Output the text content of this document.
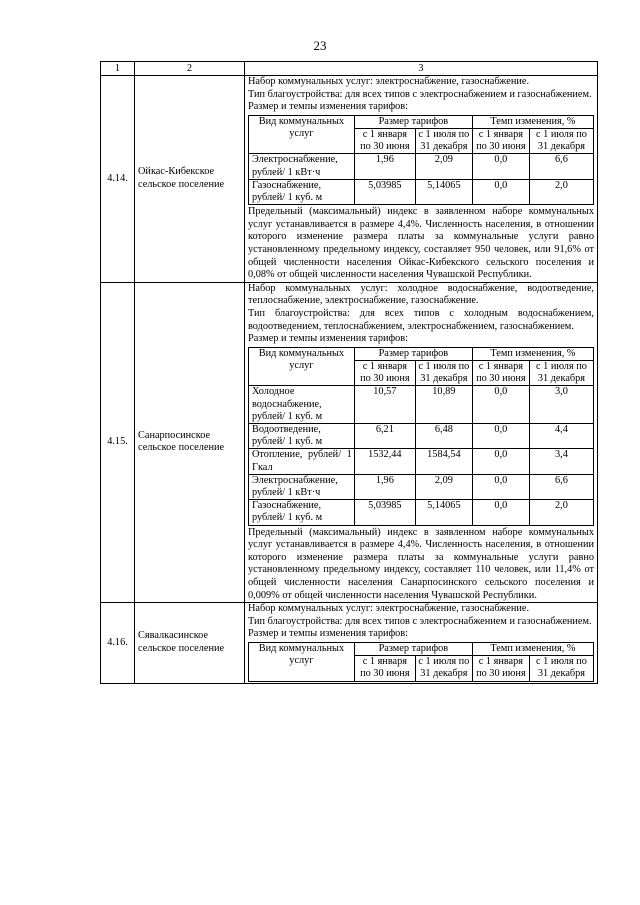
23
1	2	3
4.14.	Ойкас-Кибекское сельское поселение	

Набор коммунальных услуг: электроснабжение, газоснабжение.

Тип благоустройства: для всех типов с электроснабжением и газоснабжением.

Размер и темпы изменения тарифов:

Вид коммунальных услуг	Размер тарифов	Темп изменения, %
с 1 января по 30 июня	с 1 июля по 31 декабря	с 1 января по 30 июня	с 1 июля по 31 декабря
Электроснабжение, рублей/ 1 кВт·ч	1,96	2,09	0,0	6,6
Газоснабжение, рублей/ 1 куб. м	5,03985	5,14065	0,0	2,0

Предельный (максимальный) индекс в заявленном наборе коммунальных услуг устанавливается в размере 4,4%. Численность населения, в отношении которого изменение размера платы за коммунальные услуги равно установленному предельному индексу, составляет 950 человек, или 91,6% от общей численности населения Ойкас-Кибекского сельского поселения и 0,08% от общей численности населения Чувашской Республики.

4.15.	Санарпосинское сельское поселение	

Набор коммунальных услуг: холодное водоснабжение, водоотведение, теплоснабжение, электроснабжение, газоснабжение.

Тип благоустройства: для всех типов с холодным водоснабжением, водоотведением, теплоснабжением, электроснабжением, газоснабжением.

Размер и темпы изменения тарифов:

Вид коммунальных услуг	Размер тарифов	Темп изменения, %
с 1 января по 30 июня	с 1 июля по 31 декабря	с 1 января по 30 июня	с 1 июля по 31 декабря
Холодное водоснабжение, рублей/ 1 куб. м	10,57	10,89	0,0	3,0
Водоотведение, рублей/ 1 куб. м	6,21	6,48	0,0	4,4
Отопление, рублей/ 1 Гкал	1532,44	1584,54	0,0	3,4
Электроснабжение, рублей/ 1 кВт·ч	1,96	2,09	0,0	6,6
Газоснабжение, рублей/ 1 куб. м	5,03985	5,14065	0,0	2,0

Предельный (максимальный) индекс в заявленном наборе коммунальных услуг устанавливается в размере 4,4%. Численность населения, в отношении которого изменение размера платы за коммунальные услуги равно установленному предельному индексу, составляет 110 человек, или 11,4% от общей численности населения Санарпосинского сельского поселения и 0,009% от общей численности населения Чувашской Республики.

4.16.	Сявалкасинское сельское поселение	

Набор коммунальных услуг: электроснабжение, газоснабжение.

Тип благоустройства: для всех типов с электроснабжением и газоснабжением.

Размер и темпы изменения тарифов:

Вид коммунальных услуг	Размер тарифов	Темп изменения, %
с 1 января по 30 июня	с 1 июля по 31 декабря	с 1 января по 30 июня	с 1 июля по 31 декабря
